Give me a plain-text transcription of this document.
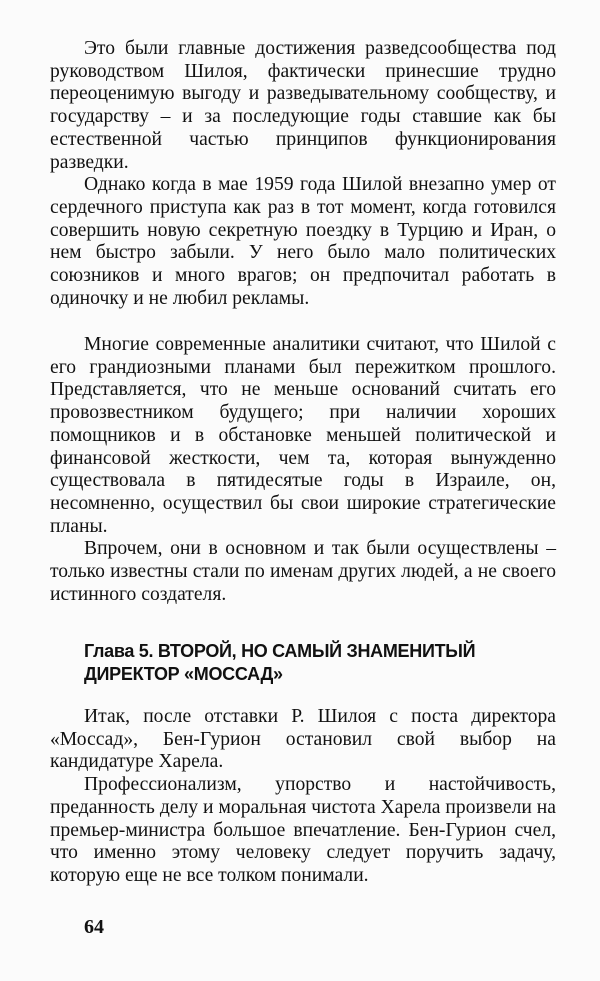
Это были главные достижения разведсообщества под руководством Шилоя, фактически принесшие трудно переоценимую выгоду и разведывательному сообществу, и государству – и за последующие годы ставшие как бы естественной частью принципов функционирования разведки.

Однако когда в мае 1959 года Шилой внезапно умер от сердечного приступа как раз в тот момент, когда готовился совершить новую секретную поездку в Турцию и Иран, о нем быстро забыли. У него было мало политических союзников и много врагов; он предпочитал работать в одиночку и не любил рекламы.

Многие современные аналитики считают, что Шилой с его грандиозными планами был пережитком прошлого. Представляется, что не меньше оснований считать его провозвестником будущего; при наличии хороших помощников и в обстановке меньшей политической и финансовой жесткости, чем та, которая вынужденно существовала в пятидесятые годы в Израиле, он, несомненно, осуществил бы свои широкие стратегические планы.

Впрочем, они в основном и так были осуществлены – только известны стали по именам других людей, а не своего истинного создателя.

Глава 5. ВТОРОЙ, НО САМЫЙ ЗНАМЕНИТЫЙ
ДИРЕКТОР «МОССАД»

Итак, после отставки Р. Шилоя с поста директора «Моссад», Бен-Гурион остановил свой выбор на кандидатуре Харела.

Профессионализм, упорство и настойчивость, преданность делу и моральная чистота Харела произвели на премьер-министра большое впечатление. Бен-Гурион счел, что именно этому человеку следует поручить задачу, которую еще не все толком понимали.

64
